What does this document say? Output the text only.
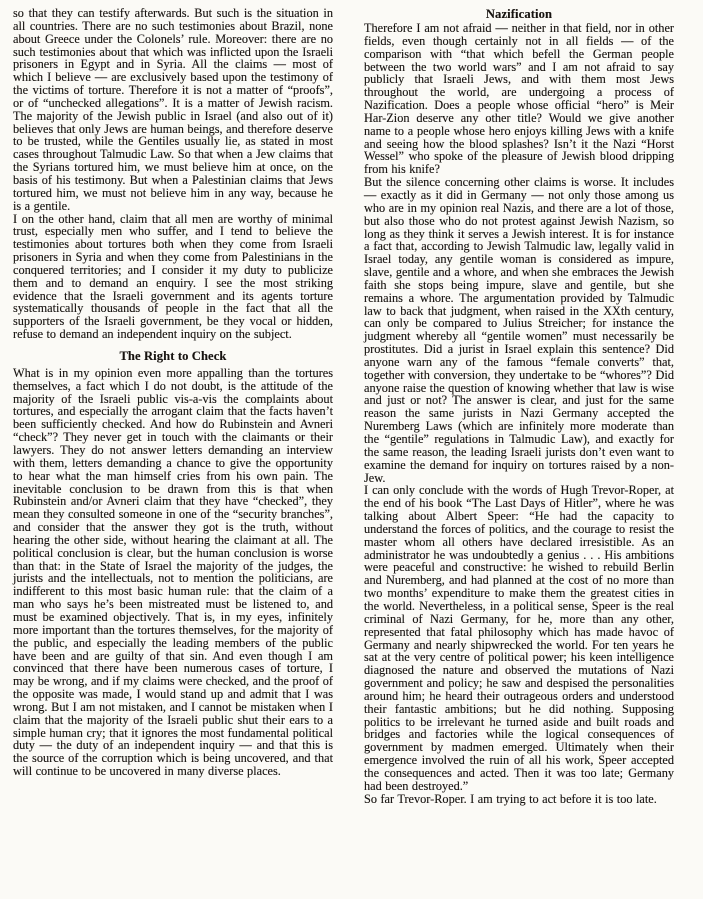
so that they can testify afterwards. But such is the situation in all countries. There are no such testimonies about Brazil, none about Greece under the Colonels’ rule. Moreover: there are no such testimonies about that which was inflicted upon the Israeli prisoners in Egypt and in Syria. All the claims — most of which I believe — are exclusively based upon the testimony of the victims of torture. Therefore it is not a matter of “proofs”, or of “unchecked allegations”. It is a matter of Jewish racism. The majority of the Jewish public in Israel (and also out of it) believes that only Jews are human beings, and therefore deserve to be trusted, while the Gentiles usually lie, as stated in most cases throughout Talmudic Law. So that when a Jew claims that the Syrians tortured him, we must believe him at once, on the basis of his testimony. But when a Palestinian claims that Jews tortured him, we must not believe him in any way, because he is a gentile.

I on the other hand, claim that all men are worthy of minimal trust, especially men who suffer, and I tend to believe the testimonies about tortures both when they come from Israeli prisoners in Syria and when they come from Palestinians in the conquered territories; and I consider it my duty to publicize them and to demand an enquiry. I see the most striking evidence that the Israeli government and its agents torture systematically thousands of people in the fact that all the supporters of the Israeli government, be they vocal or hidden, refuse to demand an independent inquiry on the subject.

The Right to Check

What is in my opinion even more appalling than the tortures themselves, a fact which I do not doubt, is the attitude of the majority of the Israeli public vis-a-vis the complaints about tortures, and especially the arrogant claim that the facts haven’t been sufficiently checked. And how do Rubinstein and Avneri “check”? They never get in touch with the claimants or their lawyers. They do not answer letters demanding an interview with them, letters demanding a chance to give the opportunity to hear what the man himself cries from his own pain. The inevitable conclusion to be drawn from this is that when Rubinstein and/or Avneri claim that they have “checked”, they mean they consulted someone in one of the “security branches”, and consider that the answer they got is the truth, without hearing the other side, without hearing the claimant at all. The political conclusion is clear, but the human conclusion is worse than that: in the State of Israel the majority of the judges, the jurists and the intellectuals, not to mention the politicians, are indifferent to this most basic human rule: that the claim of a man who says he’s been mistreated must be listened to, and must be examined objectively. That is, in my eyes, infinitely more important than the tortures themselves, for the majority of the public, and especially the leading members of the public have been and are guilty of that sin. And even though I am convinced that there have been numerous cases of torture, I may be wrong, and if my claims were checked, and the proof of the opposite was made, I would stand up and admit that I was wrong. But I am not mistaken, and I cannot be mistaken when I claim that the majority of the Israeli public shut their ears to a simple human cry; that it ignores the most fundamental political duty — the duty of an independent inquiry — and that this is the source of the corruption which is being uncovered, and that will continue to be uncovered in many diverse places.

Nazification

Therefore I am not afraid — neither in that field, nor in other fields, even though certainly not in all fields — of the comparison with “that which befell the German people between the two world wars” and I am not afraid to say publicly that Israeli Jews, and with them most Jews throughout the world, are undergoing a process of Nazification. Does a people whose official “hero” is Meir Har-Zion deserve any other title? Would we give another name to a people whose hero enjoys killing Jews with a knife and seeing how the blood splashes? Isn’t it the Nazi “Horst Wessel” who spoke of the pleasure of Jewish blood dripping from his knife?

But the silence concerning other claims is worse. It includes — exactly as it did in Germany — not only those among us who are in my opinion real Nazis, and there are a lot of those, but also those who do not protest against Jewish Nazism, so long as they think it serves a Jewish interest. It is for instance a fact that, according to Jewish Talmudic law, legally valid in Israel today, any gentile woman is considered as impure, slave, gentile and a whore, and when she embraces the Jewish faith she stops being impure, slave and gentile, but she remains a whore. The argumentation provided by Talmudic law to back that judgment, when raised in the XXth century, can only be compared to Julius Streicher; for instance the judgment whereby all “gentile women” must necessarily be prostitutes. Did a jurist in Israel explain this sentence? Did anyone warn any of the famous “female converts” that, together with conversion, they undertake to be “whores”? Did anyone raise the question of knowing whether that law is wise and just or not? The answer is clear, and just for the same reason the same jurists in Nazi Germany accepted the Nuremberg Laws (which are infinitely more moderate than the “gentile” regulations in Talmudic Law), and exactly for the same reason, the leading Israeli jurists don’t even want to examine the demand for inquiry on tortures raised by a non-Jew.

I can only conclude with the words of Hugh Trevor-Roper, at the end of his book “The Last Days of Hitler”, where he was talking about Albert Speer: “He had the capacity to understand the forces of politics, and the courage to resist the master whom all others have declared irresistible. As an administrator he was undoubtedly a genius . . . His ambitions were peaceful and constructive: he wished to rebuild Berlin and Nuremberg, and had planned at the cost of no more than two months’ expenditure to make them the greatest cities in the world. Nevertheless, in a political sense, Speer is the real criminal of Nazi Germany, for he, more than any other, represented that fatal philosophy which has made havoc of Germany and nearly shipwrecked the world. For ten years he sat at the very centre of political power; his keen intelligence diagnosed the nature and observed the mutations of Nazi government and policy; he saw and despised the personalities around him; he heard their outrageous orders and understood their fantastic ambitions; but he did nothing. Supposing politics to be irrelevant he turned aside and built roads and bridges and factories while the logical consequences of government by madmen emerged. Ultimately when their emergence involved the ruin of all his work, Speer accepted the consequences and acted. Then it was too late; Germany had been destroyed.”

So far Trevor-Roper. I am trying to act before it is too late.
